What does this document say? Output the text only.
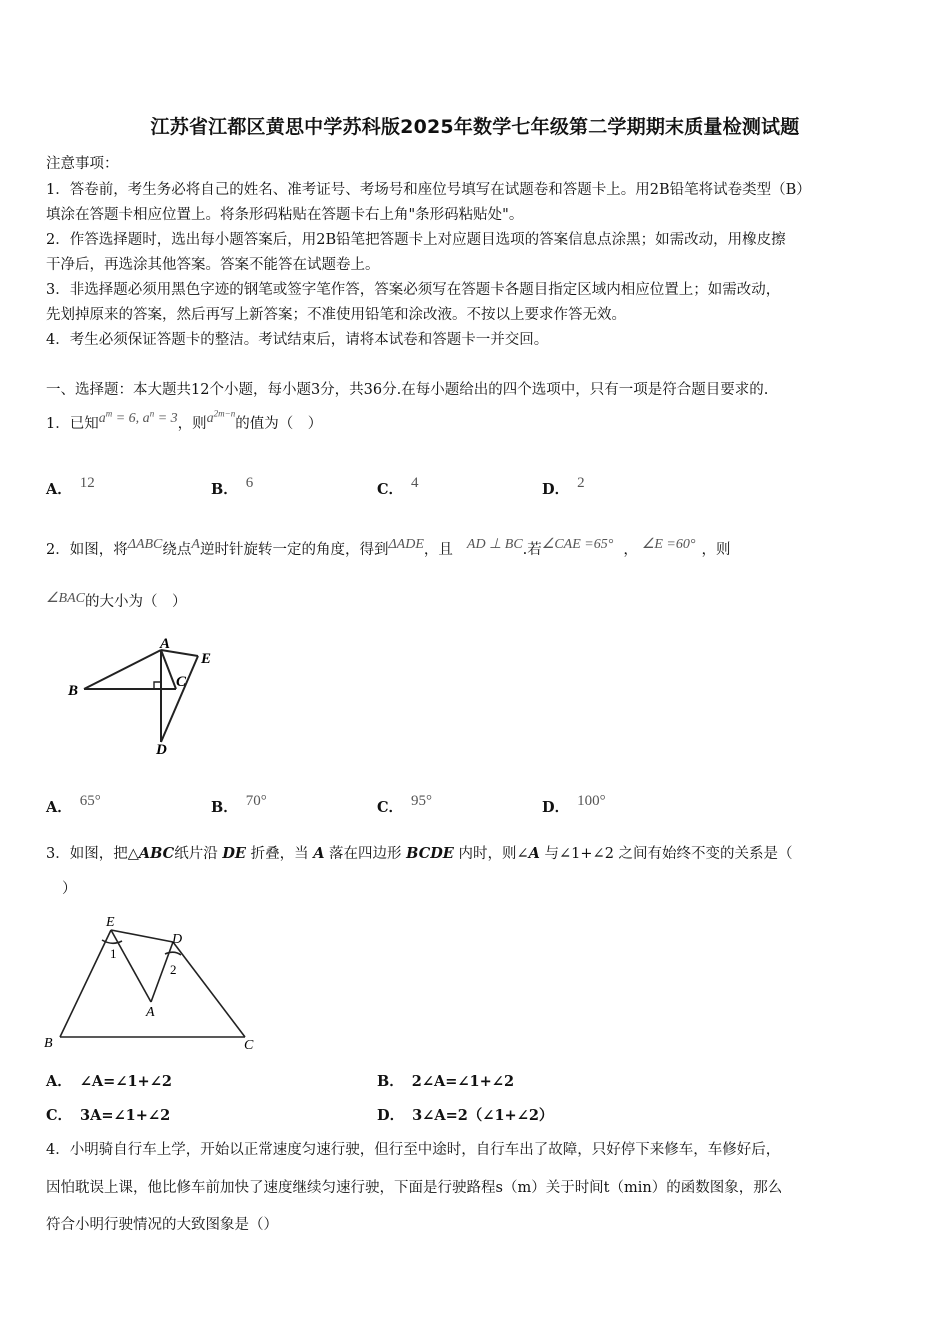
江苏省江都区黄思中学苏科版2025年数学七年级第二学期期末质量检测试题
注意事项：
1．答卷前，考生务必将自己的姓名、准考证号、考场号和座位号填写在试题卷和答题卡上。用2B铅笔将试卷类型（B）
填涂在答题卡相应位置上。将条形码粘贴在答题卡右上角"条形码粘贴处"。
2．作答选择题时，选出每小题答案后，用2B铅笔把答题卡上对应题目选项的答案信息点涂黑；如需改动，用橡皮擦
干净后，再选涂其他答案。答案不能答在试题卷上。
3．非选择题必须用黑色字迹的钢笔或签字笔作答，答案必须写在答题卡各题目指定区域内相应位置上；如需改动，
先划掉原来的答案，然后再写上新答案；不准使用铅笔和涂改液。不按以上要求作答无效。
4．考生必须保证答题卡的整洁。考试结束后，请将本试卷和答题卡一并交回。
一、选择题：本大题共12个小题，每小题3分，共36分.在每小题给出的四个选项中，只有一项是符合题目要求的.
1．已知$a^m = 6$, $a^n = 3$，则$a^{2m-n}$的值为（　）
A． 12	B． 6	C． 4	D． 2
2．如图，将ΔABC绕点A逆时针旋转一定的角度，得到ΔADE，且 AD ⊥ BC.若∠CAE =65° ， ∠E =60° ，则
∠BAC的大小为（　）
A
B
C
D
E
A． 65°	B． 70°	C． 95°	D． 100°
3．如图，把△ABC纸片沿 DE 折叠，当 A 落在四边形 BCDE 内时，则∠A 与∠1+∠2 之间有始终不变的关系是（
）
E
D
A
B	C
1
2
A． ∠A=∠1+∠2	B． 2∠A=∠1+∠2
C． 3A=∠1+∠2	D． 3∠A=2（∠1+∠2）
4．小明骑自行车上学，开始以正常速度匀速行驶，但行至中途时，自行车出了故障，只好停下来修车，车修好后，
因怕耽误上课，他比修车前加快了速度继续匀速行驶，下面是行驶路程s（m）关于时间t（min）的函数图象，那么
符合小明行驶情况的大致图象是（）
